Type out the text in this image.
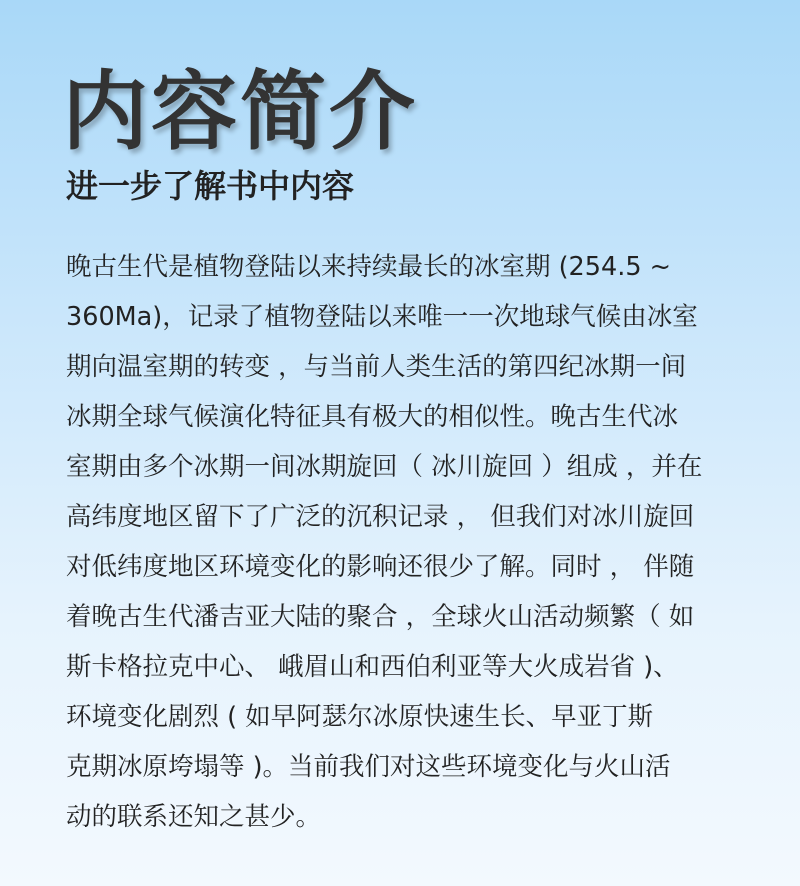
内容简介
进一步了解书中内容
晚古生代是植物登陆以来持续最长的冰室期 (254.5 ~
360Ma)，记录了植物登陆以来唯一一次地球气候由冰室
期向温室期的转变 ，与当前人类生活的第四纪冰期一间
冰期全球气候演化特征具有极大的相似性。晚古生代冰
室期由多个冰期一间冰期旋回（ 冰川旋回 ）组成 ，并在
高纬度地区留下了广泛的沉积记录 ， 但我们对冰川旋回
对低纬度地区环境变化的影响还很少了解。同时 ， 伴随
着晚古生代潘吉亚大陆的聚合 ，全球火山活动频繁（ 如
斯卡格拉克中心、 峨眉山和西伯利亚等大火成岩省 )、
环境变化剧烈 ( 如早阿瑟尔冰原快速生长、早亚丁斯
克期冰原垮塌等 )。当前我们对这些环境变化与火山活
动的联系还知之甚少。
